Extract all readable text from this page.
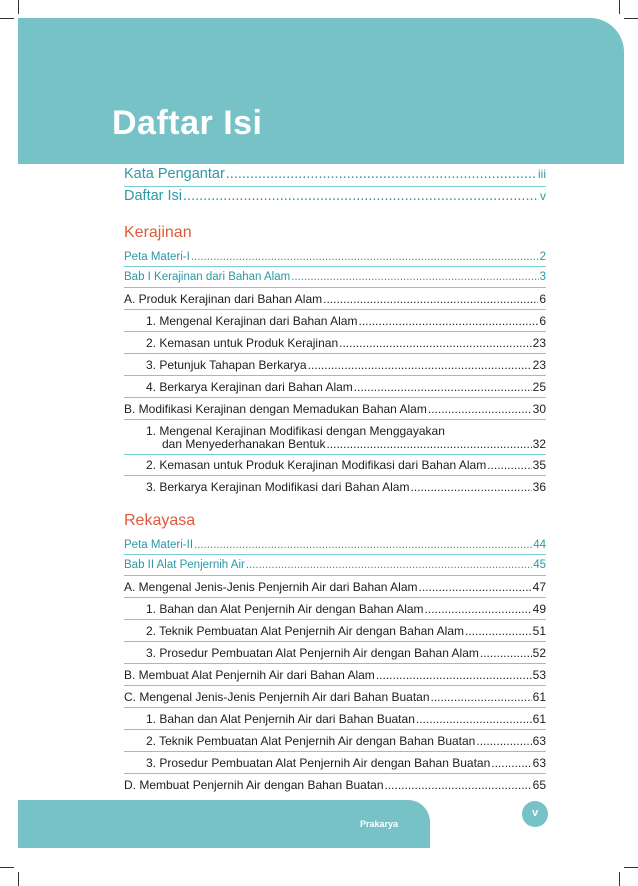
Daftar Isi
Kata Pengantar .....	iii
Daftar Isi .....	v
Kerajinan
Peta Materi-I .....	2
Bab I Kerajinan dari Bahan Alam .....	3
A. Produk Kerajinan dari Bahan Alam .....	6
1. Mengenal Kerajinan dari Bahan Alam .....	6
2. Kemasan untuk Produk Kerajinan .....	23
3. Petunjuk Tahapan Berkarya .....	23
4. Berkarya Kerajinan dari Bahan Alam .....	25
B. Modifikasi Kerajinan dengan Memadukan Bahan Alam .....	30
1. Mengenal Kerajinan Modifikasi dengan Menggayakan
dan Menyederhanakan Bentuk .....	32
2. Kemasan untuk Produk Kerajinan Modifikasi dari Bahan Alam .....	35
3. Berkarya Kerajinan Modifikasi dari Bahan Alam .....	36
Rekayasa
Peta Materi-II .....	44
Bab II Alat Penjernih Air .....	45
A. Mengenal Jenis-Jenis Penjernih Air dari Bahan Alam .....	47
1. Bahan dan Alat Penjernih Air dengan Bahan Alam .....	49
2. Teknik Pembuatan Alat Penjernih Air dengan Bahan Alam .....	51
3. Prosedur Pembuatan Alat Penjernih Air dengan Bahan Alam .....	52
B. Membuat Alat Penjernih Air dari Bahan Alam .....	53
C. Mengenal Jenis-Jenis Penjernih Air dari Bahan Buatan .....	61
1. Bahan dan Alat Penjernih Air dari Bahan Buatan .....	61
2. Teknik Pembuatan Alat Penjernih Air dengan Bahan Buatan .....	63
3. Prosedur Pembuatan Alat Penjernih Air dengan Bahan Buatan .....	63
D. Membuat Penjernih Air dengan Bahan Buatan .....	65
Prakarya
v
